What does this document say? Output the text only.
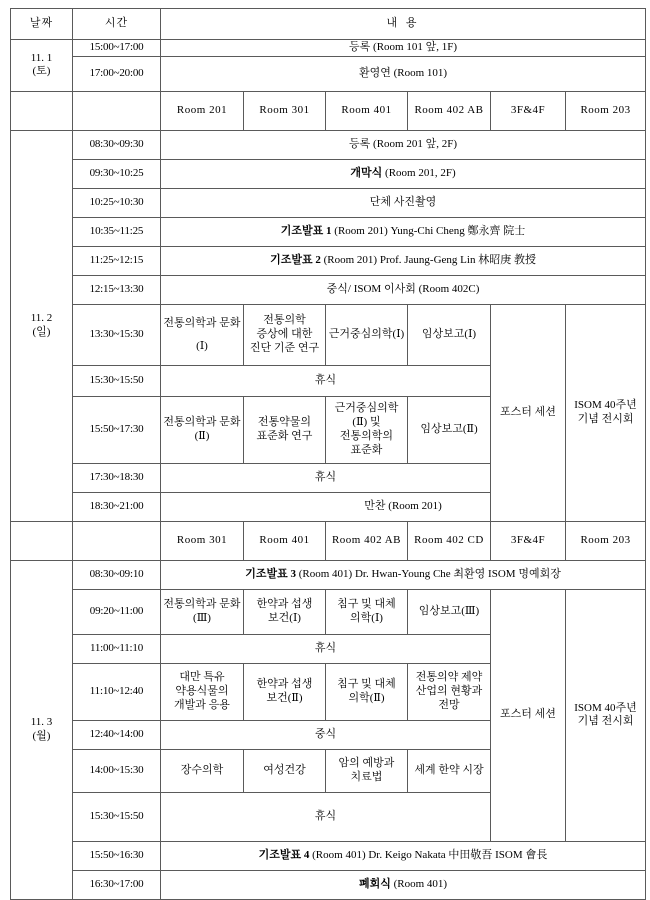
날짜	시간	내 용					

11. 1
(토)	15:00~17:00	등록 (Room 101 앞, 1F)					
	17:00~20:00	환영연 (Room 101)					
		Room 201	Room 301	Room 401	Room 402 AB	3F&4F	Room 203

11. 2
(일)	08:30~09:30	등록 (Room 201 앞, 2F)					
	09:30~10:25	개막식 (Room 201, 2F)					
	10:25~10:30	단체 사진촬영					
	10:35~11:25	기조발표 1 (Room 201) Yung-Chi Cheng 鄭永齊 院士					
	11:25~12:15	기조발표 2 (Room 201) Prof. Jaung-Geng Lin 林昭庚 教授					
	12:15~13:30	중식/ ISOM 이사회 (Room 402C)					
	13:30~15:30	전통의학과 문화(Ⅰ)	전통의학 증상에 대한 진단 기준 연구	근거중심의학(Ⅰ)	임상보고(Ⅰ)	포스터 세션	ISOM 40주년 기념 전시회
	15:30~15:50	휴식					
	15:50~17:30	전통의학과 문화(Ⅱ)	전통약물의 표준화 연구	근거중심의학(Ⅱ) 및 전통의학의 표준화	임상보고(Ⅱ)		
	17:30~18:30	휴식					
	18:30~21:00	만찬 (Room 201)					
		Room 301	Room 401	Room 402 AB	Room 402 CD	3F&4F	Room 203

11. 3
(월)	08:30~09:10	기조발표 3 (Room 401) Dr. Hwan-Young Che 최환영 ISOM 명예회장					
	09:20~11:00	전통의학과 문화(Ⅲ)	한약과 섭생 보건(Ⅰ)	침구 및 대체 의학(Ⅰ)	임상보고(Ⅲ)	포스터 세션	ISOM 40주년 기념 전시회
	11:00~11:10	휴식					
	11:10~12:40	대만 특유 약용식물의 개발과 응용	한약과 섭생 보건(Ⅱ)	침구 및 대체 의학(Ⅱ)	전통의약 제약 산업의 현황과 전망		
	12:40~14:00	중식					
	14:00~15:30	장수의학	여성건강	암의 예방과 치료법	세계 한약 시장		
	15:30~15:50	휴식					
	15:50~16:30	기조발표 4 (Room 401) Dr. Keigo Nakata 中田敬吾 ISOM 會長					
	16:30~17:00	폐회식 (Room 401)					
